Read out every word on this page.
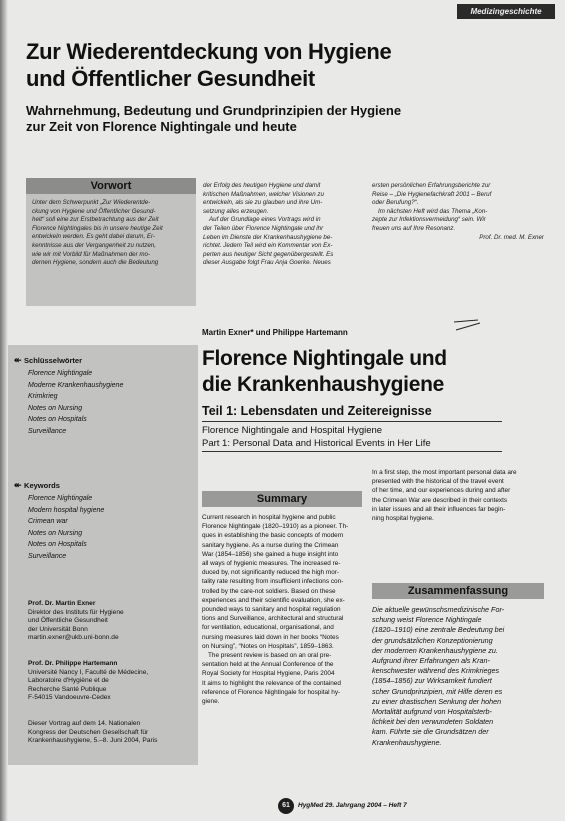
Medizingeschichte
Zur Wiederentdeckung von Hygiene
und Öffentlicher Gesundheit
Wahrnehmung, Bedeutung und Grundprinzipien der Hygiene
zur Zeit von Florence Nightingale und heute
Vorwort
Unter dem Schwerpunkt „Zur Wiederentde-
ckung von Hygiene und Öffentlicher Gesund-
heit“ soll eine zur Erstbetrachtung aus der Zeit
Florence Nightingales bis in unsere heutige Zeit
entwickeln werden. Es geht dabei darum, Er-
kenntnisse aus der Vergangenheit zu nutzen,
wie wir mit Vorbild für Maßnahmen der mo-
dernen Hygiene, sondern auch die Bedeutung
der Erfolg des heutigen Hygiene und damit
kritischen Maßnahmen, welcher Visionen zu
entwickeln, als sie zu glauben und ihre Um-
setzung alles erzeugen.
Auf der Grundlage eines Vortrags wird in
der Teilen über Florence Nightingale und ihr
Leben im Dienste der Krankenhaushygiene be-
richtet. Jedem Teil wird ein Kommentar von Ex-
perten aus heutiger Sicht gegenübergestellt. Es
dieser Ausgabe folgt Frau Anja Goerke. Neues
ersten persönlichen Erfahrungsberichte zur
Reise – „Die Hygienefachkraft 2001 – Beruf
oder Berufung?“.
Im nächsten Heft wird das Thema „Kon-
zepte zur Infektionsvermeidung“ sein. Wir
freuen uns auf Ihre Resonanz.
Prof. Dr. med. M. Exner
↞ Schlüsselwörter
Florence Nightingale
Moderne Krankenhaushygiene
Krimkrieg
Notes on Nursing
Notes on Hospitals
Surveillance
↞ Keywords
Florence Nightingale
Modern hospital hygiene
Crimean war
Notes on Nursing
Notes on Hospitals
Surveillance
Prof. Dr. Martin Exner
Direktor des Instituts für Hygiene
und Öffentliche Gesundheit
der Universität Bonn
martin.exner@ukb.uni-bonn.de
Prof. Dr. Philippe Hartemann
Université Nancy I, Faculté de Médecine,
Laboratoire d'Hygiène et de
Recherche Santé Publique
F-54015 Vandoeuvre-Cedex
Dieser Vortrag auf dem 14. Nationalen
Kongress der Deutschen Gesellschaft für
Krankenhaushygiene, 5.–8. Juni 2004, Paris
Martin Exner* und Philippe Hartemann
Florence Nightingale und
die Krankenhaushygiene
Teil 1: Lebensdaten und Zeitereignisse
Florence Nightingale and Hospital Hygiene
Part 1: Personal Data and Historical Events in Her Life
Summary
Current research in hospital hygiene and public
Florence Nightingale (1820–1910) as a pioneer. Th-
ques in establishing the basic concepts of modern
sanitary hygiene. As a nurse during the Crimean
War (1854–1856) she gained a huge insight into
all ways of hygienic measures. The increased re-
duced by, not significantly reduced the high mor-
tality rate resulting from insufficient infections con-
trolled by the care-not soldiers. Based on these
experiences and their scientific evaluation, she ex-
pounded ways to sanitary and hospital regulation
tions and Surveillance, architectural and structural
for ventilation, educational, organisational, and
nursing measures laid down in her books “Notes
on Nursing”, “Notes on Hospitals”, 1859–1863.
The present review is based on an oral pre-
sentation held at the Annual Conference of the
Royal Society for Hospital Hygiene, Paris 2004
It aims to highlight the relevance of the contained
reference of Florence Nightingale for hospital hy-
giene.
In a first step, the most important personal data are
presented with the historical of the travel event
of her time, and our experiences during and after
the Crimean War are described in their contexts
in later issues and all their influences far begin-
ning hospital hygiene.
Zusammenfassung
Die aktuelle gewünschsmedizinische For-
schung weist Florence Nightingale
(1820–1910) eine zentrale Bedeutung bei
der grundsätzlichen Konzeptionierung
der modernen Krankenhaushygiene zu.
Aufgrund ihrer Erfahrungen als Kran-
kenschwester während des Krimkrieges
(1854–1856) zur Wirksamkeit fundiert
scher Grundprinzipien, mit Hilfe deren es
zu einer drastischen Senkung der hohen
Mortalität aufgrund von Hospitalsterb-
lichkeit bei den verwundeten Soldaten
kam. Führte sie die Grundsätzen der
Krankenhaushygiene.
61	HygMed 29. Jahrgang 2004 – Heft 7
